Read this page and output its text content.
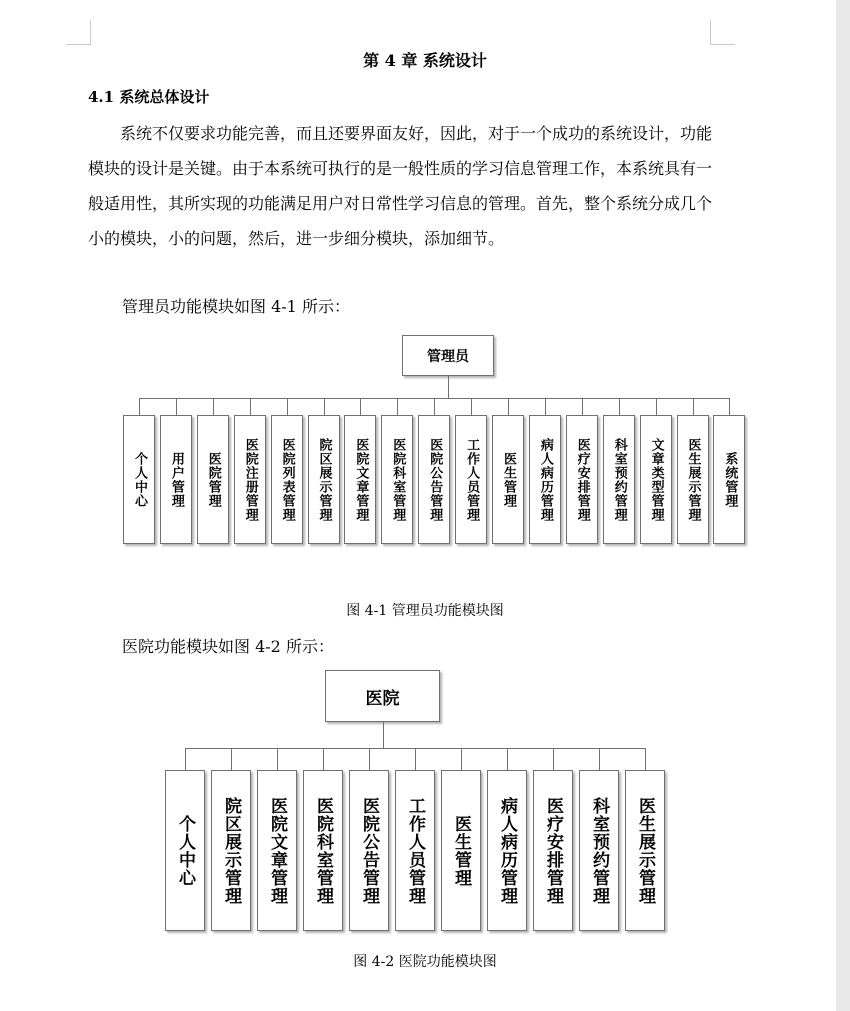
第 4 章 系统设计
4.1 系统总体设计

系统不仅要求功能完善，而且还要界面友好，因此，对于一个成功的系统设计，功能模块的设计是关键。由于本系统可执行的是一般性质的学习信息管理工作，本系统具有一般适用性，其所实现的功能满足用户对日常性学习信息的管理。首先，整个系统分成几个小的模块，小的问题，然后，进一步细分模块，添加细节。

管理员功能模块如图 4-1 所示：
管理员
个人中心 用户管理 医院管理 医院注册管理 医院列表管理 院区展示管理 医院文章管理 医院科室管理 医院公告管理 工作人员管理 医生管理 病人病历管理 医疗安排管理 科室预约管理 文章类型管理 医生展示管理 系统管理
图 4-1 管理员功能模块图
医院功能模块如图 4-2 所示：
医院
个人中心 院区展示管理 医院文章管理 医院科室管理 医院公告管理 工作人员管理 医生管理 病人病历管理 医疗安排管理 科室预约管理 医生展示管理
图 4-2 医院功能模块图
